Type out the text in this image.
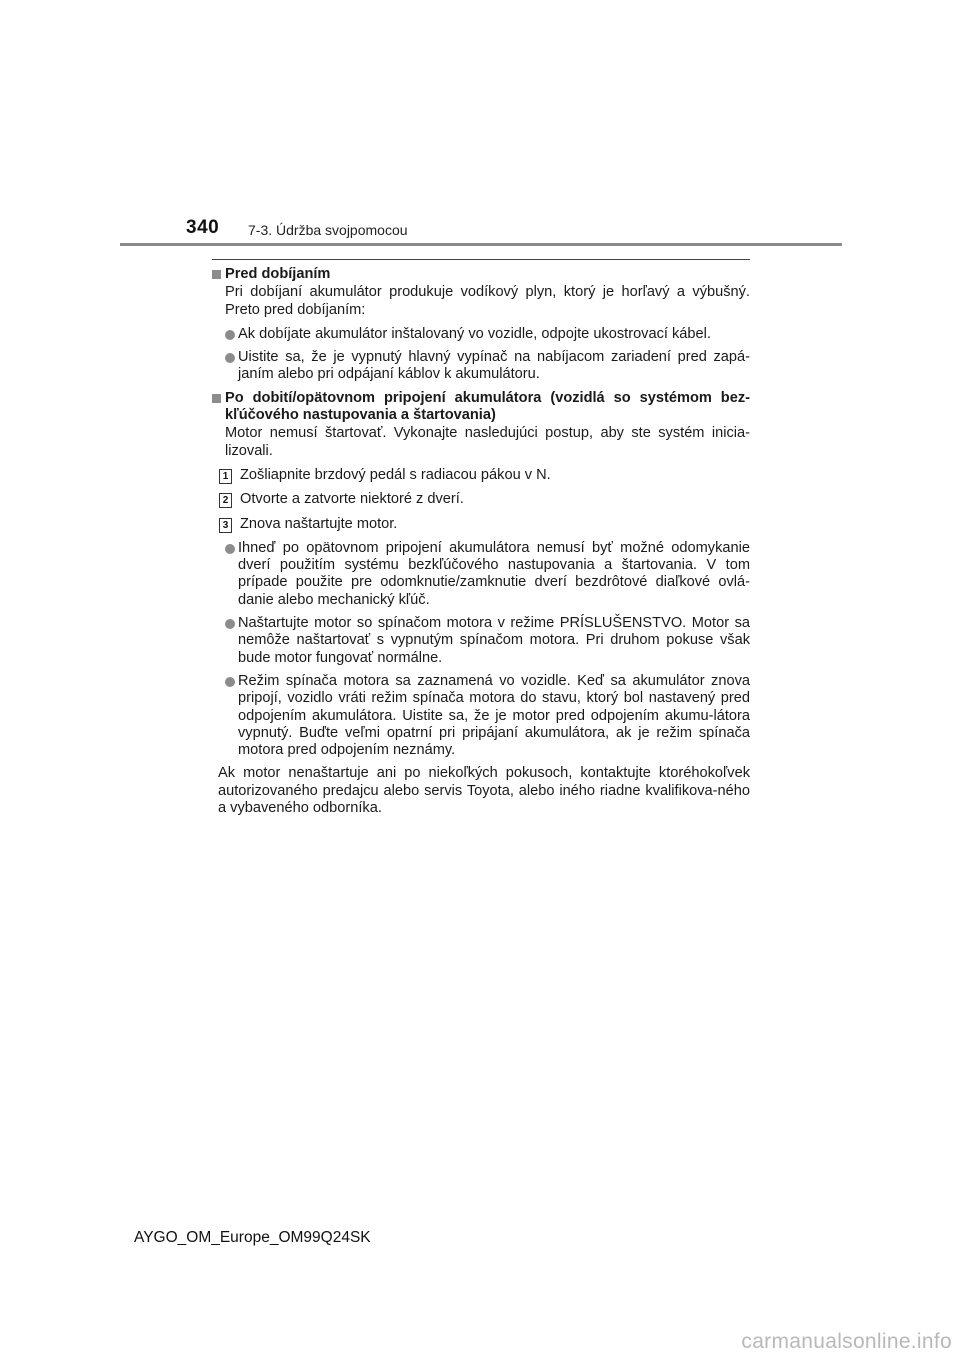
340 7-3. Údržba svojpomocou
Pred dobíjaním
Pri dobíjaní akumulátor produkuje vodíkový plyn, ktorý je horľavý a výbušný. Preto pred dobíjaním:
Ak dobíjate akumulátor inštalovaný vo vozidle, odpojte ukostrovací kábel.
Uistite sa, že je vypnutý hlavný vypínač na nabíjacom zariadení pred zapá-janím alebo pri odpájaní káblov k akumulátoru.
Po dobití/opätovnom pripojení akumulátora (vozidlá so systémom bez-kľúčového nastupovania a štartovania)
Motor nemusí štartovať. Vykonajte nasledujúci postup, aby ste systém inicia-lizovali.
1 Zošliapnite brzdový pedál s radiacou pákou v N.
2 Otvorte a zatvorte niektoré z dverí.
3 Znova naštartujte motor.
Ihneď po opätovnom pripojení akumulátora nemusí byť možné odomykanie dverí použitím systému bezkľúčového nastupovania a štartovania. V tom prípade použite pre odomknutie/zamknutie dverí bezdrôtové diaľkové ovlá-danie alebo mechanický kľúč.
Naštartujte motor so spínačom motora v režime PRÍSLUŠENSTVO. Motor sa nemôže naštartovať s vypnutým spínačom motora. Pri druhom pokuse však bude motor fungovať normálne.
Režim spínača motora sa zaznamená vo vozidle. Keď sa akumulátor znova pripojí, vozidlo vráti režim spínača motora do stavu, ktorý bol nastavený pred odpojením akumulátora. Uistite sa, že je motor pred odpojením akumu-látora vypnutý. Buďte veľmi opatrní pri pripájaní akumulátora, ak je režim spínača motora pred odpojením neznámy.
Ak motor nenaštartuje ani po niekoľkých pokusoch, kontaktujte ktoréhokoľvek autorizovaného predajcu alebo servis Toyota, alebo iného riadne kvalifikova-ného a vybaveného odborníka.
AYGO_OM_Europe_OM99Q24SK
carmanualsonline.info
